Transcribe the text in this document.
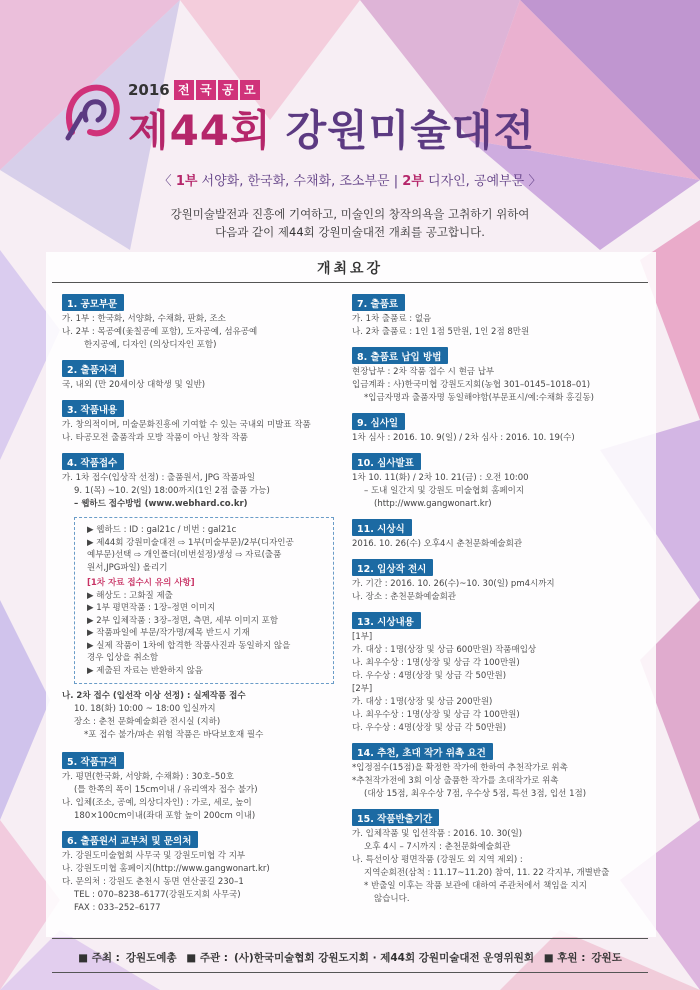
2016 전 국 공 모
제44회 강원미술대전
〈 1부 서양화, 한국화, 수채화, 조소부문 | 2부 디자인, 공예부문 〉
강원미술발전과 진흥에 기여하고, 미술인의 창작의욕을 고취하기 위하여
다음과 같이 제44회 강원미술대전 개최를 공고합니다.
개최요강
1. 공모부문
가. 1부 : 한국화, 서양화, 수채화, 판화, 조소
나. 2부 : 목공예(옻칠공예 포함), 도자공예, 섬유공예
한지공예, 디자인 (의상디자인 포함)
2. 출품자격
국, 내외 (만 20세이상 대학생 및 일반)
3. 작품내용
가. 창의적이며, 미술문화진흥에 기여할 수 있는 국내외 미발표 작품
나. 타공모전 출품작과 모방 작품이 아닌 창작 작품
4. 작품접수
가. 1차 접수(입상작 선정) : 출품원서, JPG 작품파일
9. 1(목) ~10. 2(일) 18:00까지(1인 2점 출품 가능)
– 웹하드 접수방법 (www.webhard.co.kr)
▶ 웹하드 : ID : gal21c / 비번 : gal21c
▶ 제44회 강원미술대전 ⇨ 1부(미술부문)/2부(디자인공
예부문)선택 ⇨ 개인폴더(비번설정)생성 ⇨ 자료(출품
원서,JPG파일) 올리기
[1차 자료 접수시 유의 사항]
▶ 해상도 : 고화질 제출
▶ 1부 평면작품 : 1장–정면 이미지
▶ 2부 입체작품 : 3장–정면, 측면, 세부 이미지 포함
▶ 작품파일에 부문/작가명/제목 반드시 기재
▶ 실제 작품이 1차에 합격한 작품사진과 동일하지 않을
경우 입상을 취소함
▶ 제출된 자료는 반환하지 않음
나. 2차 접수 (입선작 이상 선정) : 실제작품 접수
10. 18(화) 10:00 ~ 18:00 입실까지
장소 : 춘천 문화예술회관 전시실 (지하)
*포 접수 불가/파손 위험 작품은 바닥보호재 필수
5. 작품규격
가. 평면(한국화, 서양화, 수채화) : 30호–50호
(틀 한쪽의 폭이 15cm이내 / 유리액자 접수 불가)
나. 입체(조소, 공예, 의상디자인) : 가로, 세로, 높이
180×100cm이내(좌대 포함 높이 200cm 이내)
6. 출품원서 교부처 및 문의처
가. 강원도미술협회 사무국 및 강원도미협 각 지부
나. 강원도미협 홈페이지(http://www.gangwonart.kr)
다. 문의처 : 강원도 춘천시 동면 연산골길 230–1
TEL : 070–8238–6177(강원도지회 사무국)
FAX : 033–252–6177
7. 출품료
가. 1차 출품료 : 없음
나. 2차 출품료 : 1인 1점 5만원, 1인 2점 8만원
8. 출품료 납입 방법
현장납부 : 2차 작품 접수 시 현금 납부
입금계좌 : 사)한국미협 강원도지회(농협 301–0145–1018–01)
*입금자명과 출품자명 동일해야함(부문표시/예:수채화 홍길동)
9. 심사일
1차 심사 : 2016. 10. 9(일) / 2차 심사 : 2016. 10. 19(수)
10. 심사발표
1차 10. 11(화) / 2차 10. 21(금) : 오전 10:00
– 도내 일간지 및 강원도 미술협회 홈페이지
(http://www.gangwonart.kr)
11. 시상식
2016. 10. 26(수) 오후4시 춘천문화예술회관
12. 입상작 전시
가. 기간 : 2016. 10. 26(수)~10. 30(일) pm4시까지
나. 장소 : 춘천문화예술회관
13. 시상내용
[1부]
가. 대상 : 1명(상장 및 상금 600만원) 작품매입상
나. 최우수상 : 1명(상장 및 상금 각 100만원)
다. 우수상 : 4명(상장 및 상금 각 50만원)
[2부]
가. 대상 : 1명(상장 및 상금 200만원)
나. 최우수상 : 1명(상장 및 상금 각 100만원)
다. 우수상 : 4명(상장 및 상금 각 50만원)
14. 추천, 초대 작가 위촉 요건
*입정점수(15점)을 확정한 작가에 한하여 추천작가로 위촉
*추천작가전에 3회 이상 출품한 작가를 초대작가로 위촉
(대상 15점, 최우수상 7점, 우수상 5점, 특선 3점, 입선 1점)
15. 작품반출기간
가. 입체작품 및 입선작품 : 2016. 10. 30(일)
오후 4시 – 7시까지 : 춘천문화예술회관
나. 특선이상 평면작품 (강원도 외 지역 제외) :
지역순회전(삼척 : 11.17~11.20) 참여, 11. 22 각지부, 개별반출
* 반출일 이후는 작품 보관에 대하여 주관처에서 책임을 지지
않습니다.
■ 주최 : 강원도예총 ■ 주관 : (사)한국미술협회 강원도지회 · 제44회 강원미술대전 운영위원회 ■ 후원 : 강원도
